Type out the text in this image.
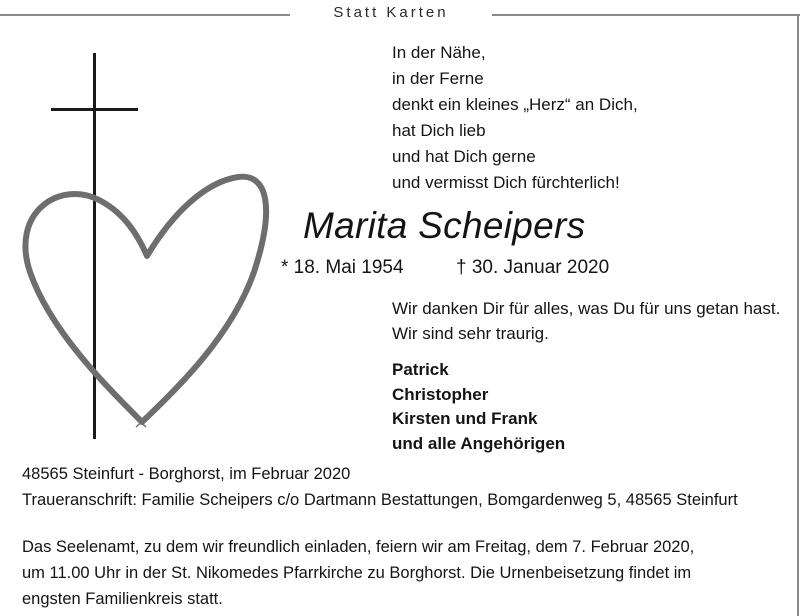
Statt Karten
In der Nähe,
in der Ferne
denkt ein kleines „Herz“ an Dich,
hat Dich lieb
und hat Dich gerne
und vermisst Dich fürchterlich!
Marita Scheipers
* 18. Mai 1954	† 30. Januar 2020
Wir danken Dir für alles, was Du für uns getan hast.
Wir sind sehr traurig.
Patrick
Christopher
Kirsten und Frank
und alle Angehörigen
48565 Steinfurt - Borghorst, im Februar 2020
Traueranschrift: Familie Scheipers c/o Dartmann Bestattungen, Bomgardenweg 5, 48565 Steinfurt
Das Seelenamt, zu dem wir freundlich einladen, feiern wir am Freitag, dem 7. Februar 2020,
um 11.00 Uhr in der St. Nikomedes Pfarrkirche zu Borghorst. Die Urnenbeisetzung findet im
engsten Familienkreis statt.
